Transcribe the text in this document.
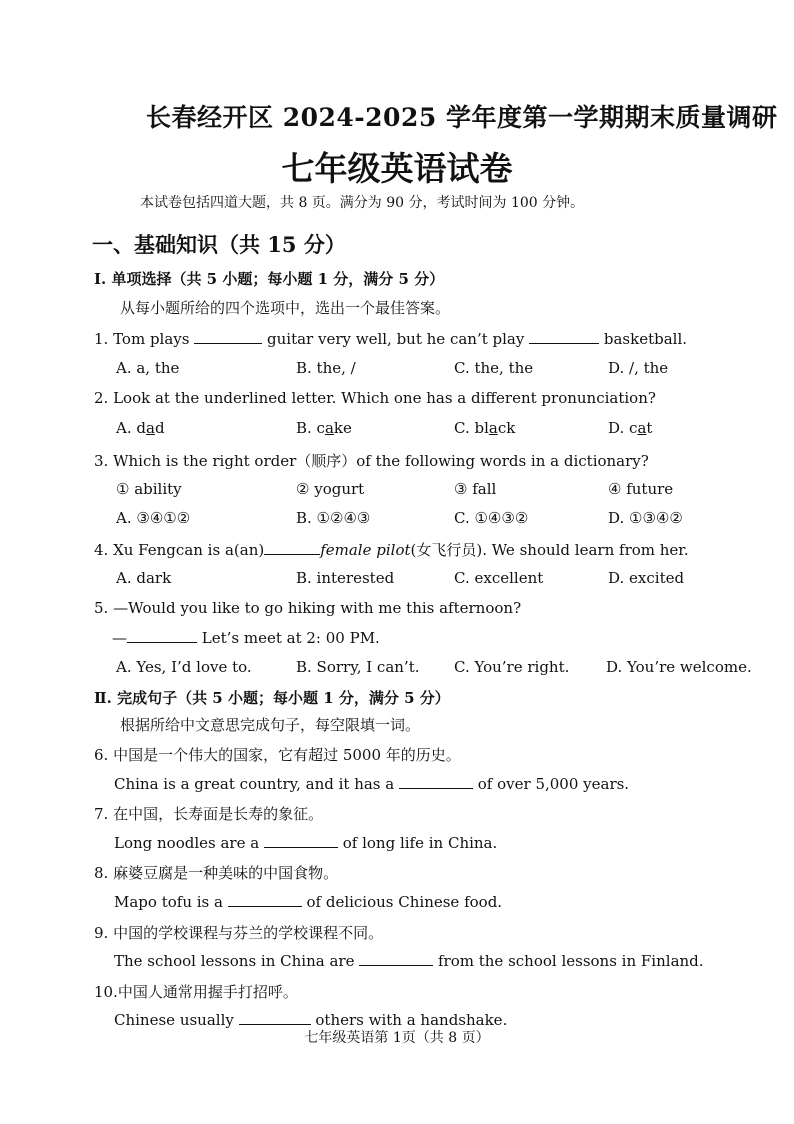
长春经开区 2024-2025 学年度第一学期期末质量调研
七年级英语试卷
本试卷包括四道大题，共 8 页。满分为 90 分，考试时间为 100 分钟。
一、基础知识（共 15 分）
Ⅰ. 单项选择（共 5 小题；每小题 1 分，满分 5 分）
从每小题所给的四个选项中，选出一个最佳答案。
1. Tom plays	guitar very well, but he can’t play	basketball.
A. a, the	B. the, /	C. the, the	D. /, the
2. Look at the underlined letter. Which one has a different pronunciation?
A. dad	B. cake	C. black	D. cat
3. Which is the right order（顺序）of the following words in a dictionary?
① ability	② yogurt	③ fall	④ future
A. ③④①②	B. ①②④③	C. ①④③②	D. ①③④②
4. Xu Fengcan is a(an)	female pilot(女飞行员). We should learn from her.
A. dark	B. interested	C. excellent	D. excited
5. —Would you like to go hiking with me this afternoon?
—	Let’s meet at 2: 00 PM.
A. Yes, I’d love to.	B. Sorry, I can’t. C. You’re right. D. You’re welcome.
Ⅱ. 完成句子（共 5 小题；每小题 1 分，满分 5 分）
根据所给中文意思完成句子，每空限填一词。
6. 中国是一个伟大的国家，它有超过 5000 年的历史。
China is a great country, and it has a	of over 5,000 years.
7. 在中国，长寿面是长寿的象征。
Long noodles are a	of long life in China.
8. 麻婆豆腐是一种美味的中国食物。
Mapo tofu is a	of delicious Chinese food.
9. 中国的学校课程与芬兰的学校课程不同。
The school lessons in China are	from the school lessons in Finland.
10.中国人通常用握手打招呼。
Chinese usually	others with a handshake.
七年级英语第 1页（共 8 页）
